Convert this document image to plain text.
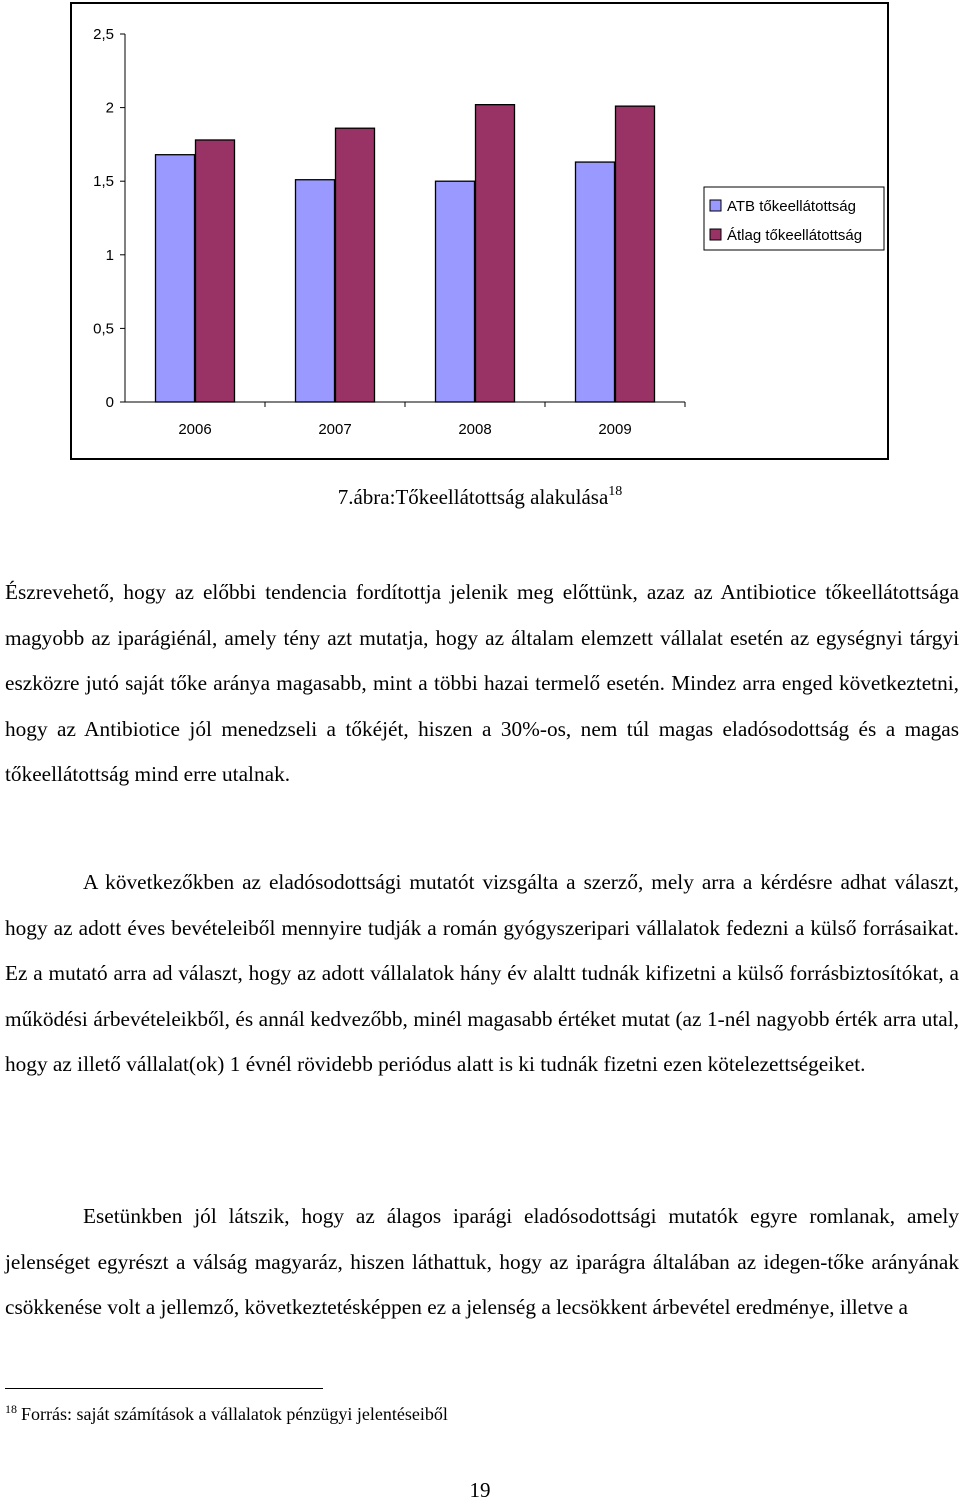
0
0,5
1
1,5
2
2,5
2006	2007	2008	2009
ATB tőkeellátottság
Átlag tőkeellátottság
7.ábra:Tőkeellátottság alakulása$^{18}$

Észrevehető, hogy az előbbi tendencia fordítottja jelenik meg előttünk, azaz az Antibiotice tőkeellátottsága magyobb az iparágiénál, amely tény azt mutatja, hogy az általam elemzett vállalat esetén az egységnyi tárgyi eszközre jutó saját tőke aránya magasabb, mint a többi hazai termelő esetén. Mindez arra enged következtetni, hogy az Antibiotice jól menedzseli a tőkéjét, hiszen a 30%-os, nem túl magas eladósodottság és a magas tőkeellátottság mind erre utalnak.

A következőkben az eladósodottsági mutatót vizsgálta a szerző, mely arra a kérdésre adhat választ, hogy az adott éves bevételeiből mennyire tudják a román gyógyszeripari vállalatok fedezni a külső forrásaikat. Ez a mutató arra ad választ, hogy az adott vállalatok hány év alaltt tudnák kifizetni a külső forrásbiztosítókat, a működési árbevételeikből, és annál kedvezőbb, minél magasabb értéket mutat (az 1-nél nagyobb érték arra utal, hogy az illető vállalat(ok) 1 évnél rövidebb periódus alatt is ki tudnák fizetni ezen kötelezettségeiket.

Esetünkben jól látszik, hogy az álagos iparági eladósodottsági mutatók egyre romlanak, amely jelenséget egyrészt a válság magyaráz, hiszen láthattuk, hogy az iparágra általában az idegen-tőke arányának csökkenése volt a jellemző, következtetésképpen ez a jelenség a lecsökkent árbevétel eredménye, illetve a

$^{18}$ Forrás: saját számítások a vállalatok pénzügyi jelentéseiből
19
